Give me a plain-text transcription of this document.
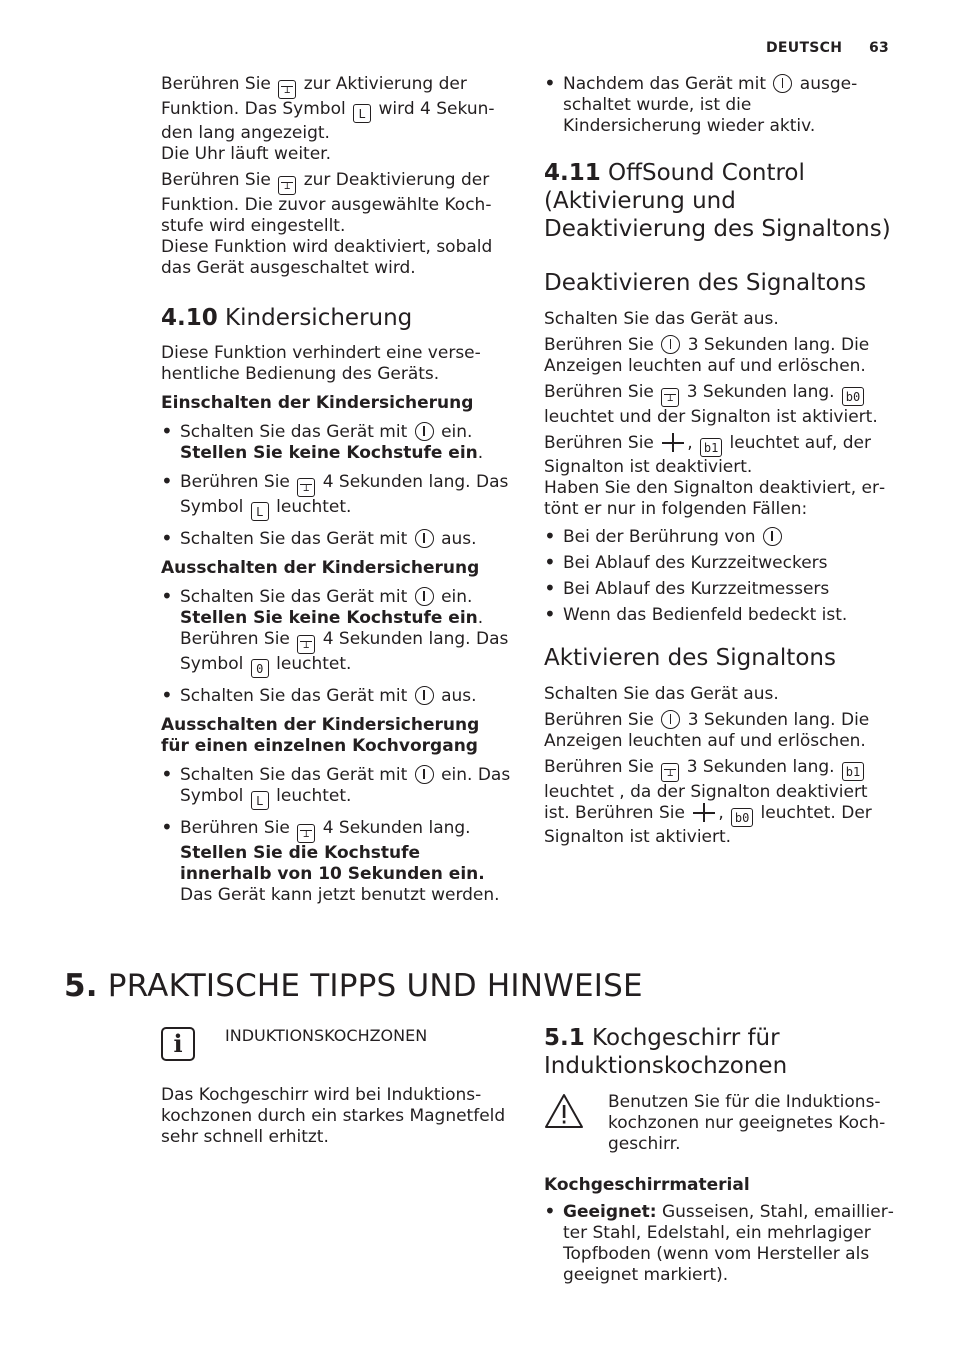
DEUTSCH 63

Berühren Sie ⟂ zur Aktivierung der Funktion. Das Symbol L wird 4 Sekunden lang angezeigt.

Die Uhr läuft weiter.

Berühren Sie ⟂ zur Deaktivierung der Funktion. Die zuvor ausgewählte Kochstufe wird eingestellt.

Diese Funktion wird deaktiviert, sobald das Gerät ausgeschaltet wird.

4.10 Kindersicherung

Diese Funktion verhindert eine versehentliche Bedienung des Geräts.

Einschalten der Kindersicherung

• Schalten Sie das Gerät mit  ein.
Stellen Sie keine Kochstufe ein.
• Berühren Sie ⟂ 4 Sekunden lang. Das Symbol L leuchtet.
• Schalten Sie das Gerät mit  aus.

Ausschalten der Kindersicherung

• Schalten Sie das Gerät mit  ein.
Stellen Sie keine Kochstufe ein. Berühren Sie ⟂ 4 Sekunden lang. Das Symbol 0 leuchtet.
• Schalten Sie das Gerät mit  aus.

Ausschalten der Kindersicherung für einen einzelnen Kochvorgang

• Schalten Sie das Gerät mit  ein. Das Symbol L leuchtet.
• Berühren Sie ⟂ 4 Sekunden lang.
Stellen Sie die Kochstufe innerhalb von 10 Sekunden ein. Das Gerät kann jetzt benutzt werden.
• Nachdem das Gerät mit  ausgeschaltet wurde, ist die Kindersicherung wieder aktiv.
4.11 OffSound Control (Aktivierung und Deaktivierung des Signaltons)
Deaktivieren des Signaltons

Schalten Sie das Gerät aus.

Berühren Sie  3 Sekunden lang. Die Anzeigen leuchten auf und erlöschen.

Berühren Sie ⟂ 3 Sekunden lang. b0 leuchtet und der Signalton ist aktiviert.

Berühren Sie , b1 leuchtet auf, der Signalton ist deaktiviert.

Haben Sie den Signalton deaktiviert, ertönt er nur in folgenden Fällen:

• Bei der Berührung von
• Bei Ablauf des Kurzzeitweckers
• Bei Ablauf des Kurzzeitmessers
• Wenn das Bedienfeld bedeckt ist.
Aktivieren des Signaltons

Schalten Sie das Gerät aus.

Berühren Sie  3 Sekunden lang. Die Anzeigen leuchten auf und erlöschen.

Berühren Sie ⟂ 3 Sekunden lang. b1 leuchtet , da der Signalton deaktiviert ist. Berühren Sie , b0 leuchtet. Der Signalton ist aktiviert.

5. PRAKTISCHE TIPPS UND HINWEISE
i	INDUKTIONSKOCHZONEN

Das Kochgeschirr wird bei Induktionskochzonen durch ein starkes Magnetfeld sehr schnell erhitzt.

5.1 Kochgeschirr für Induktionskochzonen

Benutzen Sie für die Induktionskochzonen nur geeignetes Kochgeschirr.

Kochgeschirrmaterial

• Geeignet: Gusseisen, Stahl, emaillierter Stahl, Edelstahl, ein mehrlagiger Topfboden (wenn vom Hersteller als geeignet markiert).
